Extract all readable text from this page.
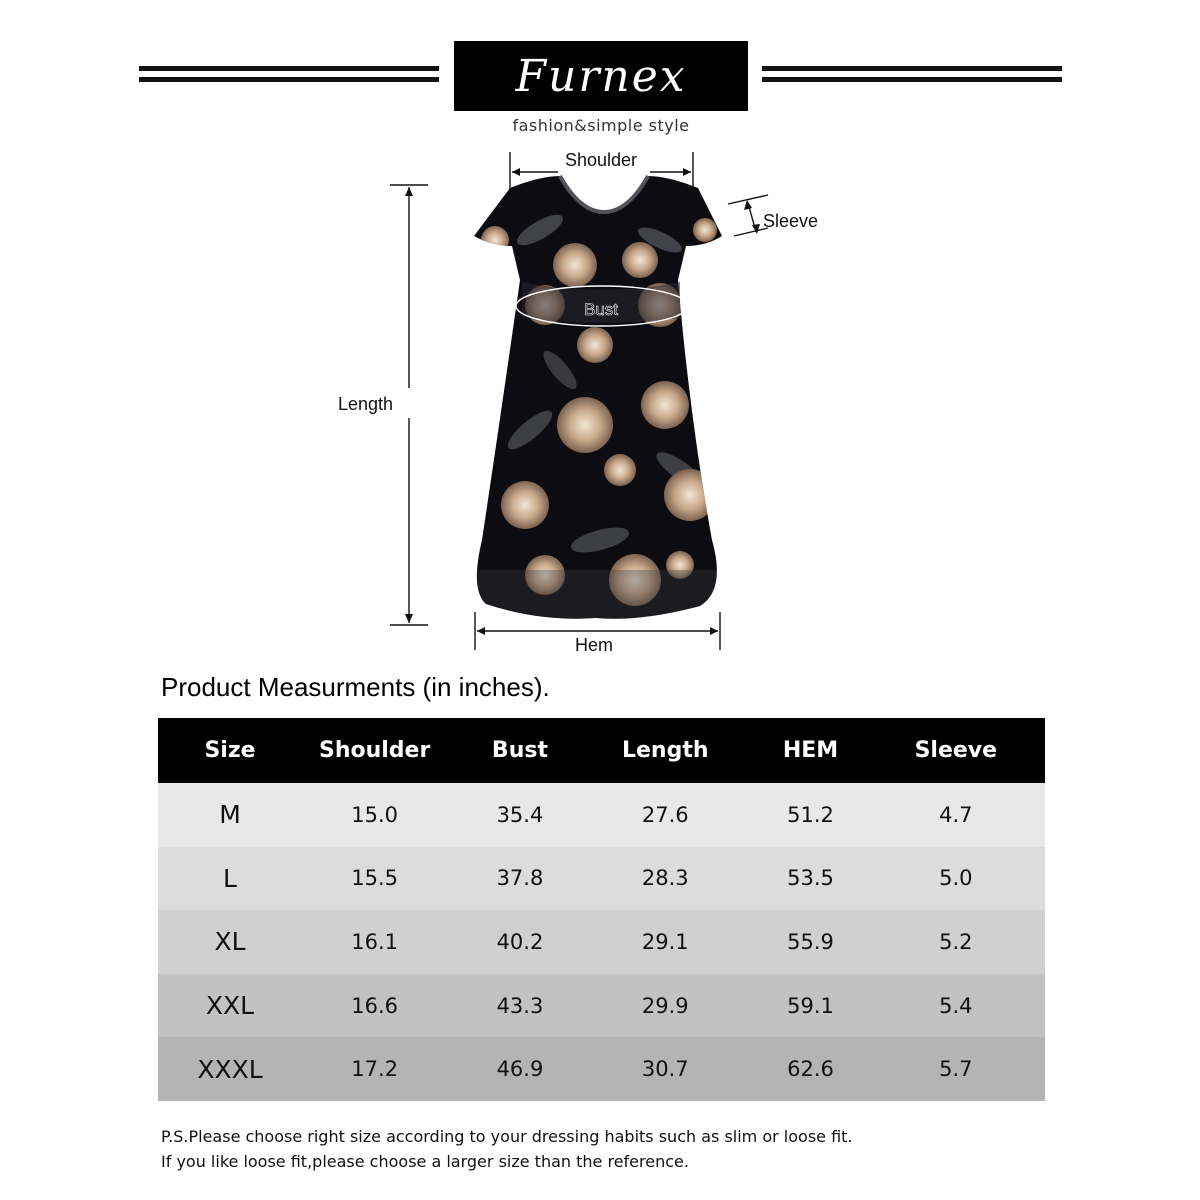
Furnex
fashion&simple style
Shoulder
Sleeve
Bust
Length
Hem
Product Measurments (in inches).
Size	Shoulder	Bust	Length	HEM	Sleeve
M	15.0	35.4	27.6	51.2	4.7
L	15.5	37.8	28.3	53.5	5.0
XL	16.1	40.2	29.1	55.9	5.2
XXL	16.6	43.3	29.9	59.1	5.4
XXXL	17.2	46.9	30.7	62.6	5.7
P.S.Please choose right size according to your dressing habits such as slim or loose fit.
If you like loose fit,please choose a larger size than the reference.
